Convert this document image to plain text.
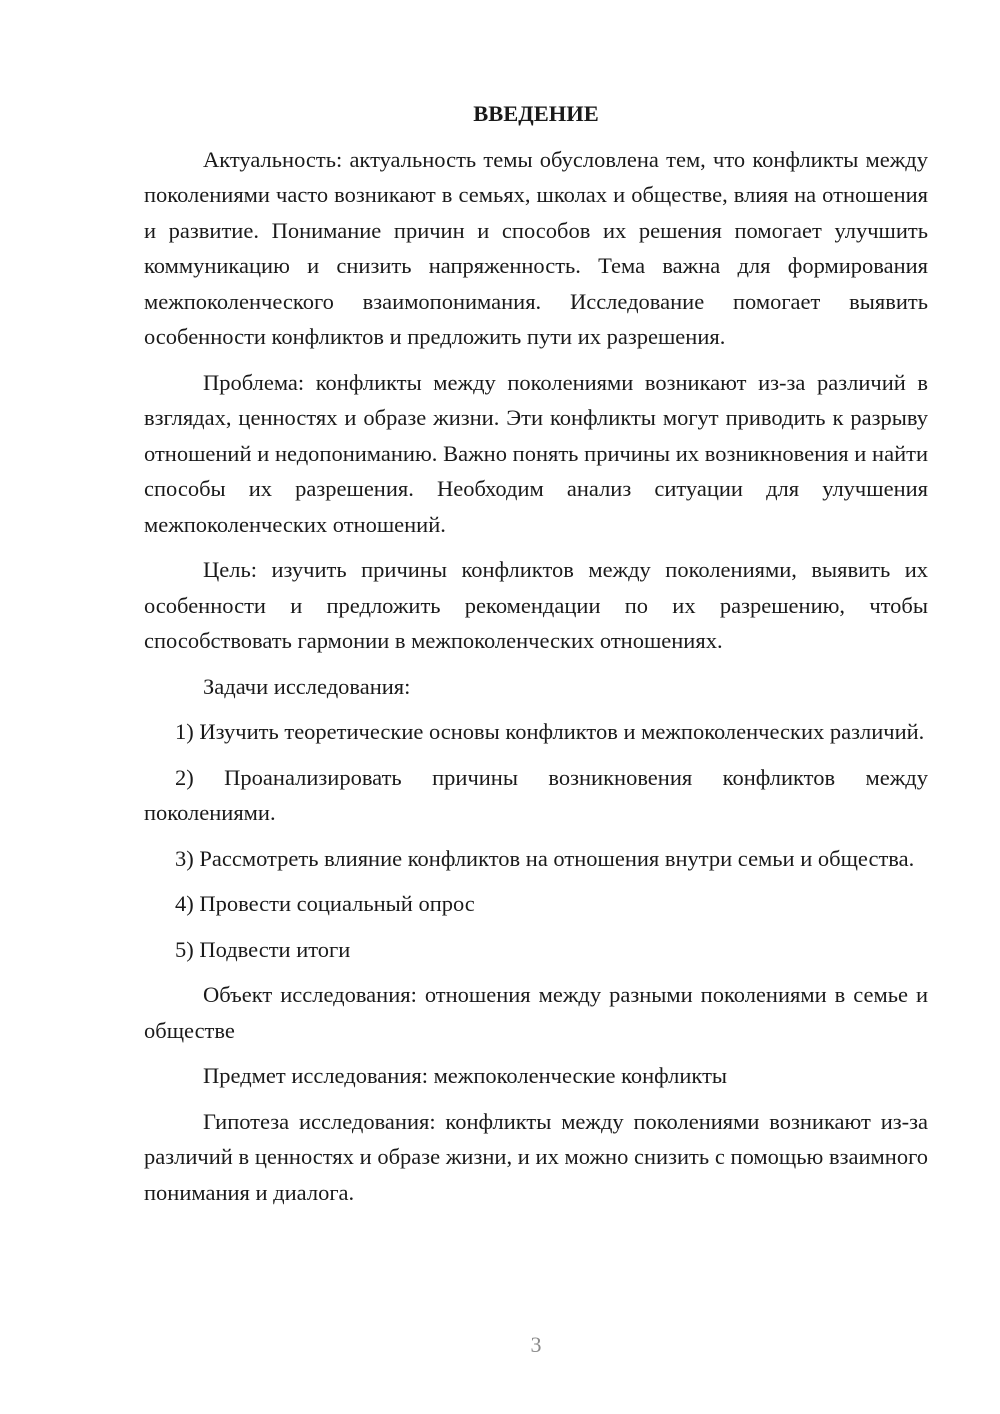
ВВЕДЕНИЕ

Актуальность: актуальность темы обусловлена тем, что конфликты между поколениями часто возникают в семьях, школах и обществе, влияя на отношения и развитие. Понимание причин и способов их решения помогает улучшить коммуникацию и снизить напряженность. Тема важна для формирования межпоколенческого взаимопонимания. Исследование помогает выявить особенности конфликтов и предложить пути их разрешения.

Проблема: конфликты между поколениями возникают из-за различий в взглядах, ценностях и образе жизни. Эти конфликты могут приводить к разрыву отношений и недопониманию. Важно понять причины их возникновения и найти способы их разрешения. Необходим анализ ситуации для улучшения межпоколенческих отношений.

Цель: изучить причины конфликтов между поколениями, выявить их особенности и предложить рекомендации по их разрешению, чтобы способствовать гармонии в межпоколенческих отношениях.

Задачи исследования:

1) Изучить теоретические основы конфликтов и межпоколенческих различий.

2) Проанализировать причины возникновения конфликтов между поколениями.

3) Рассмотреть влияние конфликтов на отношения внутри семьи и общества.

4) Провести социальный опрос

5) Подвести итоги

Объект исследования: отношения между разными поколениями в семье и обществе

Предмет исследования: межпоколенческие конфликты

Гипотеза исследования: конфликты между поколениями возникают из-за различий в ценностях и образе жизни, и их можно снизить с помощью взаимного понимания и диалога.

3
